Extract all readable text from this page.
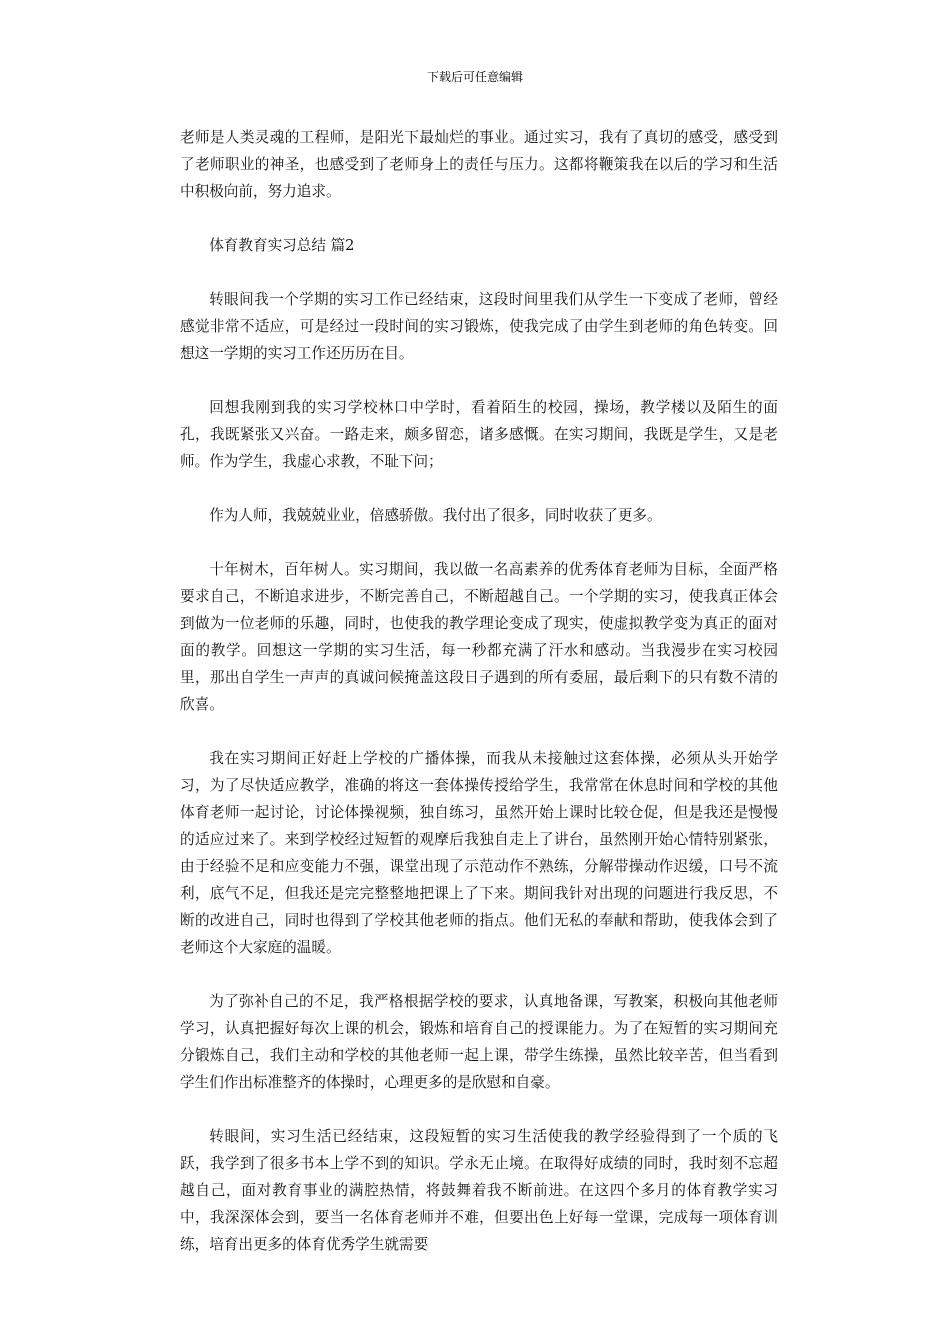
下载后可任意编辑

老师是人类灵魂的工程师，是阳光下最灿烂的事业。通过实习，我有了真切的感受，感受到了老师职业的神圣，也感受到了老师身上的责任与压力。这都将鞭策我在以后的学习和生活中积极向前，努力追求。

体育教育实习总结 篇2

转眼间我一个学期的实习工作已经结束，这段时间里我们从学生一下变成了老师，曾经感觉非常不适应，可是经过一段时间的实习锻炼，使我完成了由学生到老师的角色转变。回想这一学期的实习工作还历历在目。

回想我刚到我的实习学校林口中学时，看着陌生的校园，操场，教学楼以及陌生的面孔，我既紧张又兴奋。一路走来，颇多留恋，诸多感慨。在实习期间，我既是学生，又是老师。作为学生，我虚心求教，不耻下问；

作为人师，我兢兢业业，倍感骄傲。我付出了很多，同时收获了更多。

十年树木，百年树人。实习期间，我以做一名高素养的优秀体育老师为目标，全面严格要求自己，不断追求进步，不断完善自己，不断超越自己。一个学期的实习，使我真正体会到做为一位老师的乐趣，同时，也使我的教学理论变成了现实，使虚拟教学变为真正的面对面的教学。回想这一学期的实习生活，每一秒都充满了汗水和感动。当我漫步在实习校园里，那出自学生一声声的真诚问候掩盖这段日子遇到的所有委屈，最后剩下的只有数不清的欣喜。

我在实习期间正好赶上学校的广播体操，而我从未接触过这套体操，必须从头开始学习，为了尽快适应教学，准确的将这一套体操传授给学生，我常常在休息时间和学校的其他体育老师一起讨论，讨论体操视频，独自练习，虽然开始上课时比较仓促，但是我还是慢慢的适应过来了。来到学校经过短暂的观摩后我独自走上了讲台，虽然刚开始心情特别紧张，由于经验不足和应变能力不强，课堂出现了示范动作不熟练，分解带操动作迟缓，口号不流利，底气不足，但我还是完完整整地把课上了下来。期间我针对出现的问题进行我反思，不断的改进自己，同时也得到了学校其他老师的指点。他们无私的奉献和帮助，使我体会到了老师这个大家庭的温暖。

为了弥补自己的不足，我严格根据学校的要求，认真地备课，写教案，积极向其他老师学习，认真把握好每次上课的机会，锻炼和培育自己的授课能力。为了在短暂的实习期间充分锻炼自己，我们主动和学校的其他老师一起上课，带学生练操，虽然比较辛苦，但当看到学生们作出标准整齐的体操时，心理更多的是欣慰和自豪。

转眼间，实习生活已经结束，这段短暂的实习生活使我的教学经验得到了一个质的飞跃，我学到了很多书本上学不到的知识。学永无止境。在取得好成绩的同时，我时刻不忘超越自己，面对教育事业的满腔热情，将鼓舞着我不断前进。在这四个多月的体育教学实习中，我深深体会到，要当一名体育老师并不难，但要出色上好每一堂课，完成每一项体育训练，培育出更多的体育优秀学生就需要
